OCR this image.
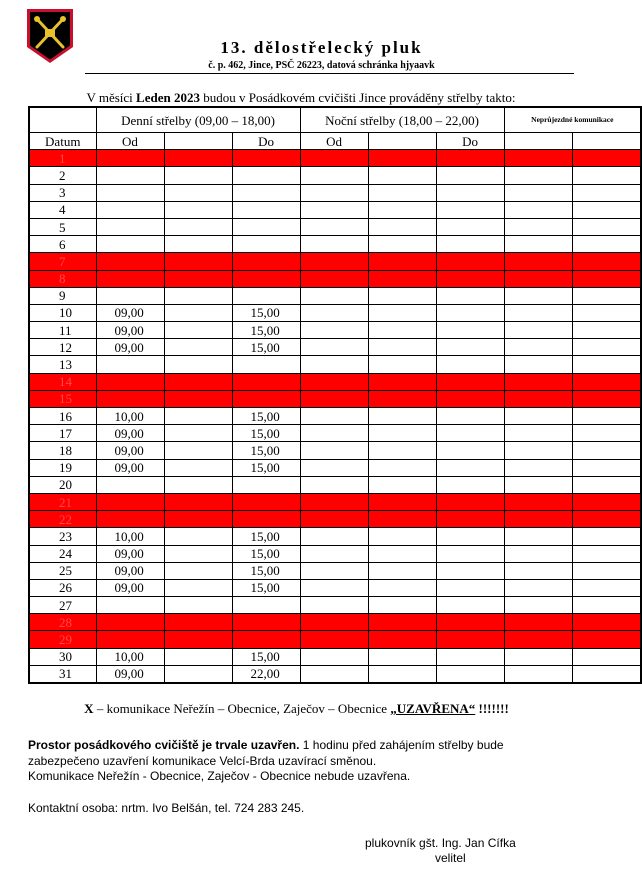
13. dělostřelecký pluk
č. p. 462, Jince, PSČ 26223, datová schránka hjyaavk
V měsíci Leden 2023 budou v Posádkovém cvičišti Jince prováděny střelby takto:
	Denní střelby (09,00 – 18,00)			Noční střelby (18,00 – 22,00)			Neprůjezdné komunikace	
Datum	Od		Do	Od		Do		
1								
2								
3								
4								
5								
6								
7								
8								
9								
10	09,00		15,00					
11	09,00		15,00					
12	09,00		15,00					
13								
14								
15								
16	10,00		15,00					
17	09,00		15,00					
18	09,00		15,00					
19	09,00		15,00					
20								
21								
22								
23	10,00		15,00					
24	09,00		15,00					
25	09,00		15,00					
26	09,00		15,00					
27								
28								
29								
30	10,00		15,00					
31	09,00		22,00					
X – komunikace Neřežín – Obecnice, Zaječov – Obecnice „UZAVŘENA“ !!!!!!!

Prostor posádkového cvičiště je trvale uzavřen. 1 hodinu před zahájením střelby bude zabezpečeno uzavření komunikace Velcí-Brda uzavírací směnou.

Komunikace Neřežín - Obecnice, Zaječov - Obecnice nebude uzavřena.

Kontaktní osoba: nrtm. Ivo Belšán, tel. 724 283 245.
plukovník gšt. Ing. Jan Cífka
velitel
